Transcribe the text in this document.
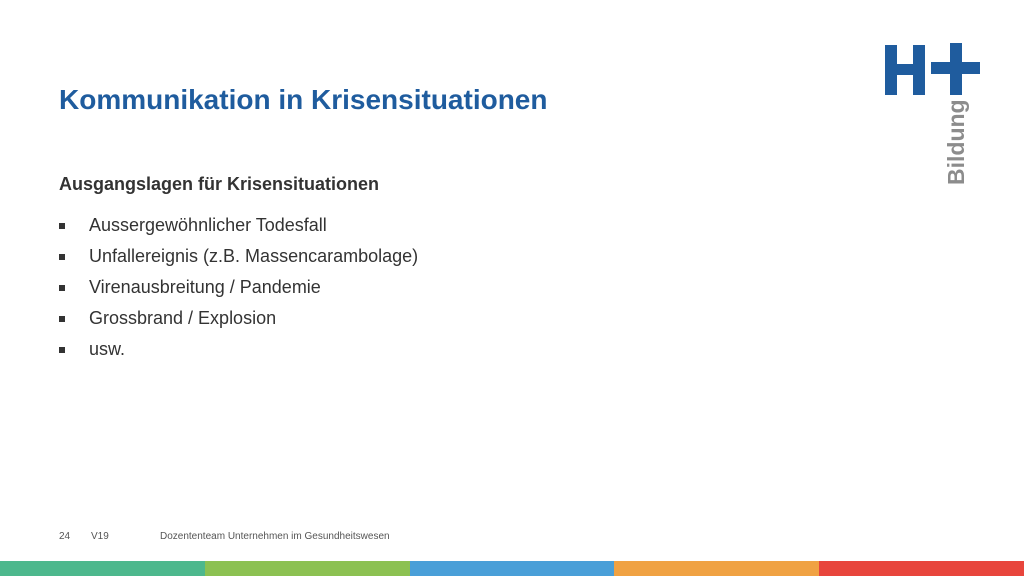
Kommunikation in Krisensituationen
Ausgangslagen für Krisensituationen
Aussergewöhnlicher Todesfall
Unfallereignis (z.B. Massencarambolage)
Virenausbreitung / Pandemie
Grossbrand / Explosion
usw.
Bildung
24 V19	Dozententeam Unternehmen im Gesundheitswesen
